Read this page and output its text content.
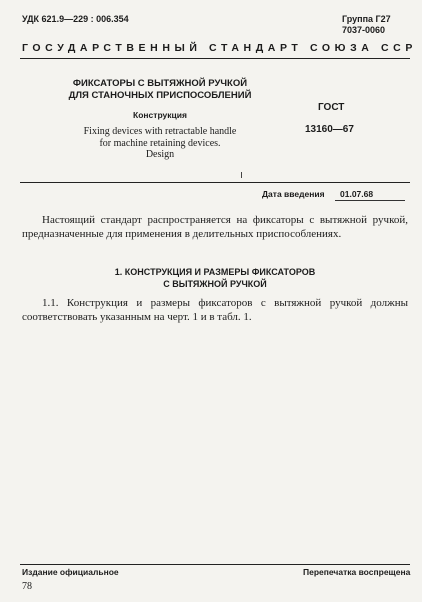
УДК 621.9—229 : 006.354	Группа Г27
7037-0060
ГОСУДАРСТВЕННЫЙ СТАНДАРТ СОЮЗА ССР
ФИКСАТОРЫ С ВЫТЯЖНОЙ РУЧКОЙ
ДЛЯ СТАНОЧНЫХ ПРИСПОСОБЛЕНИЙ
Конструкция
Fixing devices with retractable handle
for machine retaining devices.
Design
ГОСТ
13160—67
Дата введения 01.07.68
Настоящий стандарт распространяется на фиксаторы с вытяжной ручкой, предназначенные для применения в делительных приспособлениях.
1. КОНСТРУКЦИЯ И РАЗМЕРЫ ФИКСАТОРОВ
С ВЫТЯЖНОЙ РУЧКОЙ
1.1. Конструкция и размеры фиксаторов с вытяжной ручкой должны соответствовать указанным на черт. 1 и в табл. 1.
Издание официальное	Перепечатка воспрещена
78
